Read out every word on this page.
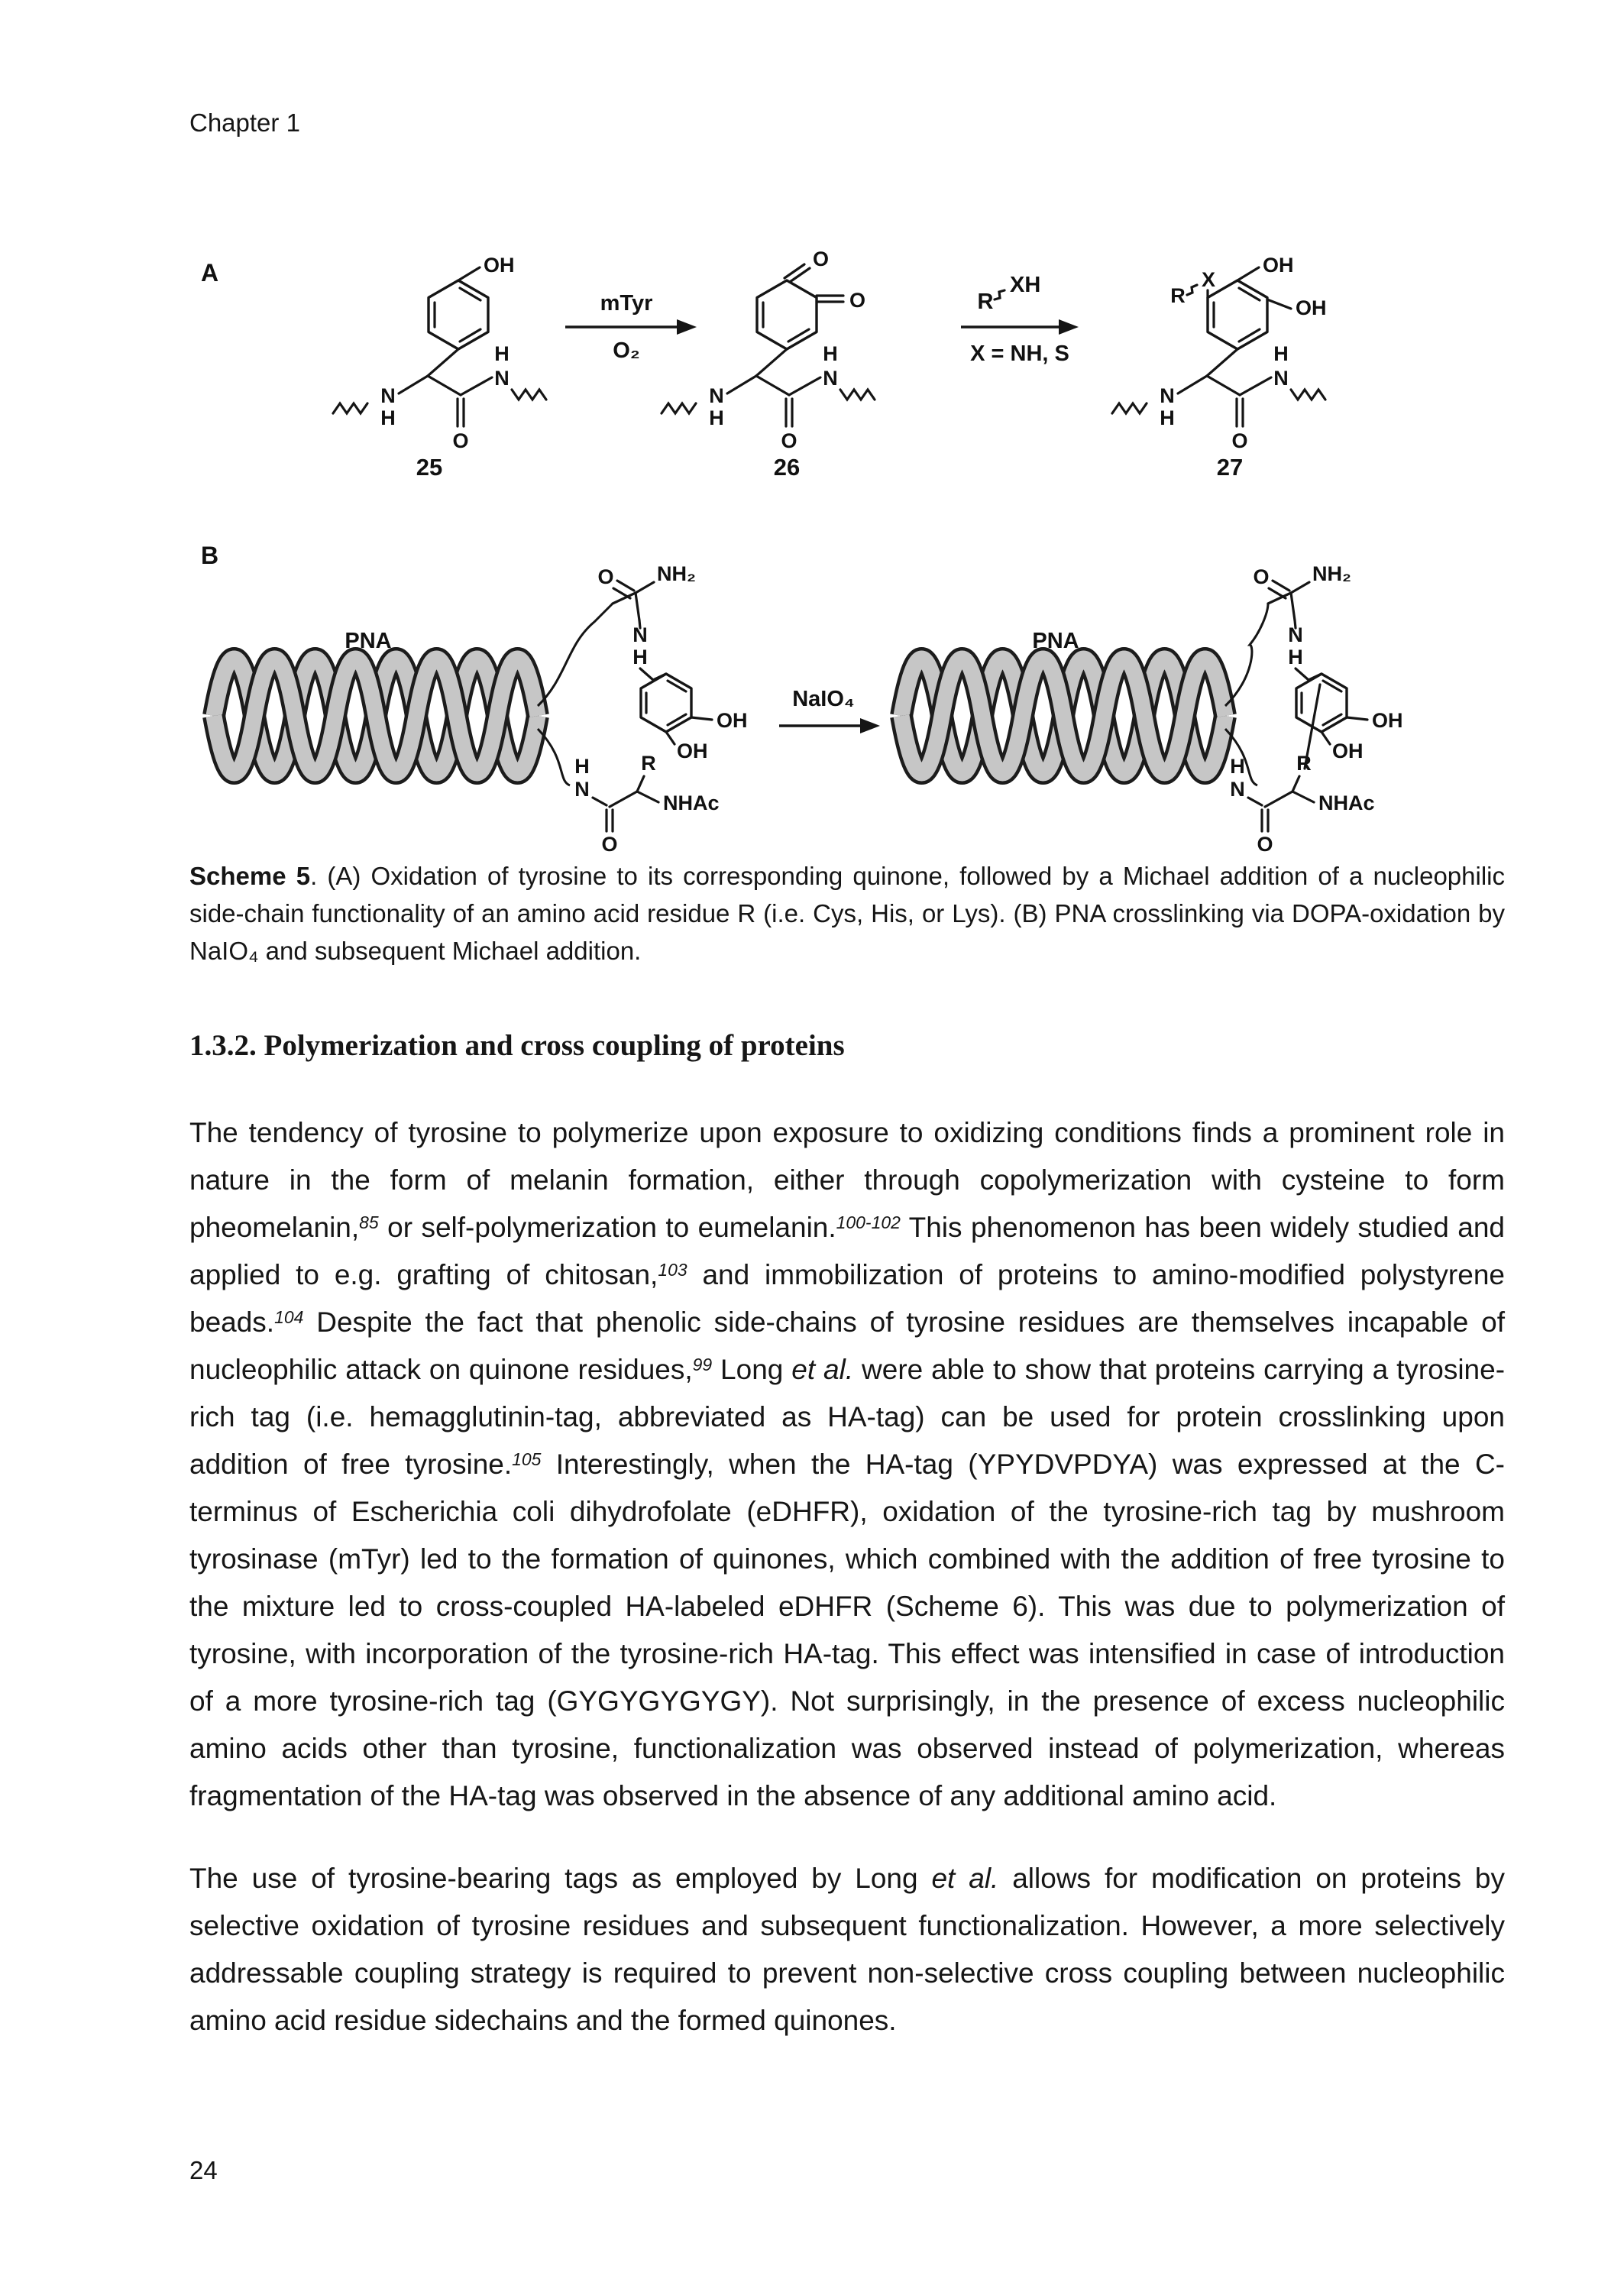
Chapter 1
A	OH
N
H
O
N
H
25
mTyr
O₂
O
O
N
H
O
N
H
26
R
XH
X = NH, S
OH
OH
X
R
N
H
O
N
H
27
B
PNA
O NH₂
N
H
OH
OH
H
N
O
R
NHAc
NaIO₄
PNA
O NH₂
N
H
OH
OH
H
N
O
R
NHAc

Scheme 5. (A) Oxidation of tyrosine to its corresponding quinone, followed by a Michael addition of a nucleophilic side-chain functionality of an amino acid residue R (i.e. Cys, His, or Lys). (B) PNA crosslinking via DOPA-oxidation by NaIO₄ and subsequent Michael addition.

1.3.2. Polymerization and cross coupling of proteins

The tendency of tyrosine to polymerize upon exposure to oxidizing conditions finds a prominent role in nature in the form of melanin formation, either through copolymerization with cysteine to form pheomelanin,$^{85}$ or self-polymerization to eumelanin.$^{100-102}$ This phenomenon has been widely studied and applied to e.g. grafting of chitosan,$^{103}$ and immobilization of proteins to amino-modified polystyrene beads.$^{104}$ Despite the fact that phenolic side-chains of tyrosine residues are themselves incapable of nucleophilic attack on quinone residues,$^{99}$ Long et al. were able to show that proteins carrying a tyrosine-rich tag (i.e. hemagglutinin-tag, abbreviated as HA-tag) can be used for protein crosslinking upon addition of free tyrosine.$^{105}$ Interestingly, when the HA-tag (YPYDVPDYA) was expressed at the C-terminus of Escherichia coli dihydrofolate (eDHFR), oxidation of the tyrosine-rich tag by mushroom tyrosinase (mTyr) led to the formation of quinones, which combined with the addition of free tyrosine to the mixture led to cross-coupled HA-labeled eDHFR (Scheme 6). This was due to polymerization of tyrosine, with incorporation of the tyrosine-rich HA-tag. This effect was intensified in case of introduction of a more tyrosine-rich tag (GYGYGYGYGY). Not surprisingly, in the presence of excess nucleophilic amino acids other than tyrosine, functionalization was observed instead of polymerization, whereas fragmentation of the HA-tag was observed in the absence of any additional amino acid.

The use of tyrosine-bearing tags as employed by Long et al. allows for modification on proteins by selective oxidation of tyrosine residues and subsequent functionalization. However, a more selectively addressable coupling strategy is required to prevent non-selective cross coupling between nucleophilic amino acid residue sidechains and the formed quinones.

24
